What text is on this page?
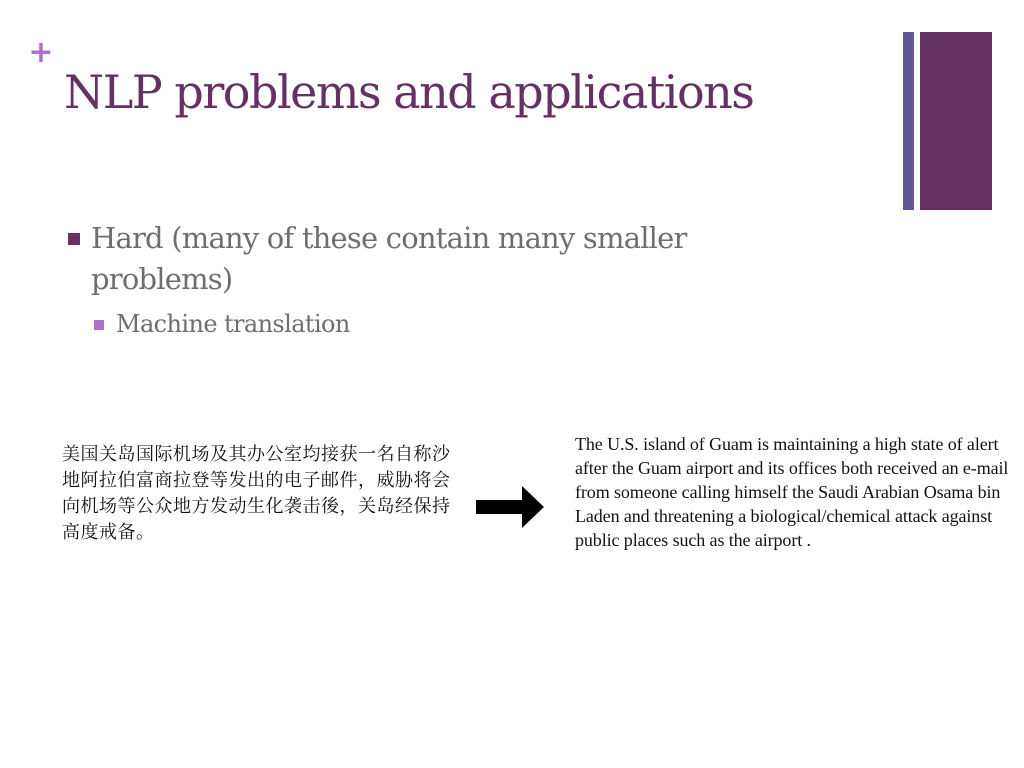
+
NLP problems and applications
Hard (many of these contain many smaller problems)
Machine translation
美国关岛国际机场及其办公室均接获一名自称沙地阿拉伯富商拉登等发出的电子邮件，威胁将会向机场等公众地方发动生化袭击後，关岛经保持高度戒备。
The U.S. island of Guam is maintaining a high state of alert after the Guam airport and its offices both received an e-mail from someone calling himself the Saudi Arabian Osama bin Laden and threatening a biological/chemical attack against public places such as the airport .
